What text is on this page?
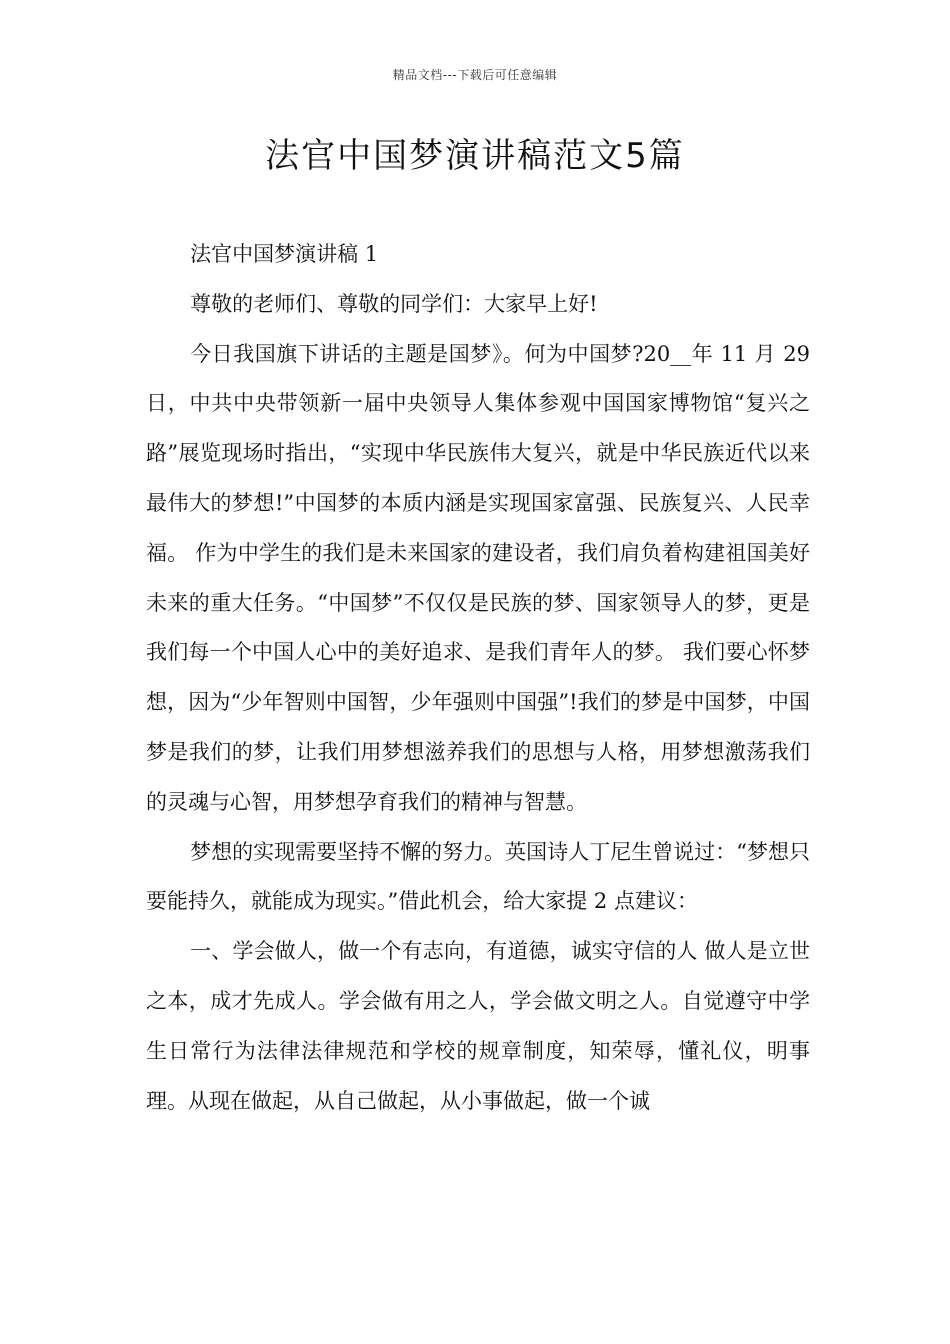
精品文档---下载后可任意编辑
法官中国梦演讲稿范文5篇

法官中国梦演讲稿 1

尊敬的老师们、尊敬的同学们：大家早上好!

今日我国旗下讲话的主题是国梦》。何为中国梦?20__年 11 月 29 日，中共中央带领新一届中央领导人集体参观中国国家博物馆“复兴之路”展览现场时指出，“实现中华民族伟大复兴，就是中华民族近代以来最伟大的梦想!”中国梦的本质内涵是实现国家富强、民族复兴、人民幸福。 作为中学生的我们是未来国家的建设者，我们肩负着构建祖国美好未来的重大任务。“中国梦”不仅仅是民族的梦、国家领导人的梦，更是我们每一个中国人心中的美好追求、是我们青年人的梦。 我们要心怀梦想，因为“少年智则中国智，少年强则中国强”!我们的梦是中国梦，中国梦是我们的梦，让我们用梦想滋养我们的思想与人格，用梦想激荡我们的灵魂与心智，用梦想孕育我们的精神与智慧。

梦想的实现需要坚持不懈的努力。英国诗人丁尼生曾说过：“梦想只要能持久，就能成为现实。”借此机会，给大家提 2 点建议：

一、学会做人，做一个有志向，有道德，诚实守信的人 做人是立世之本，成才先成人。学会做有用之人，学会做文明之人。自觉遵守中学生日常行为法律法律规范和学校的规章制度，知荣辱，懂礼仪，明事理。从现在做起，从自己做起，从小事做起，做一个诚
